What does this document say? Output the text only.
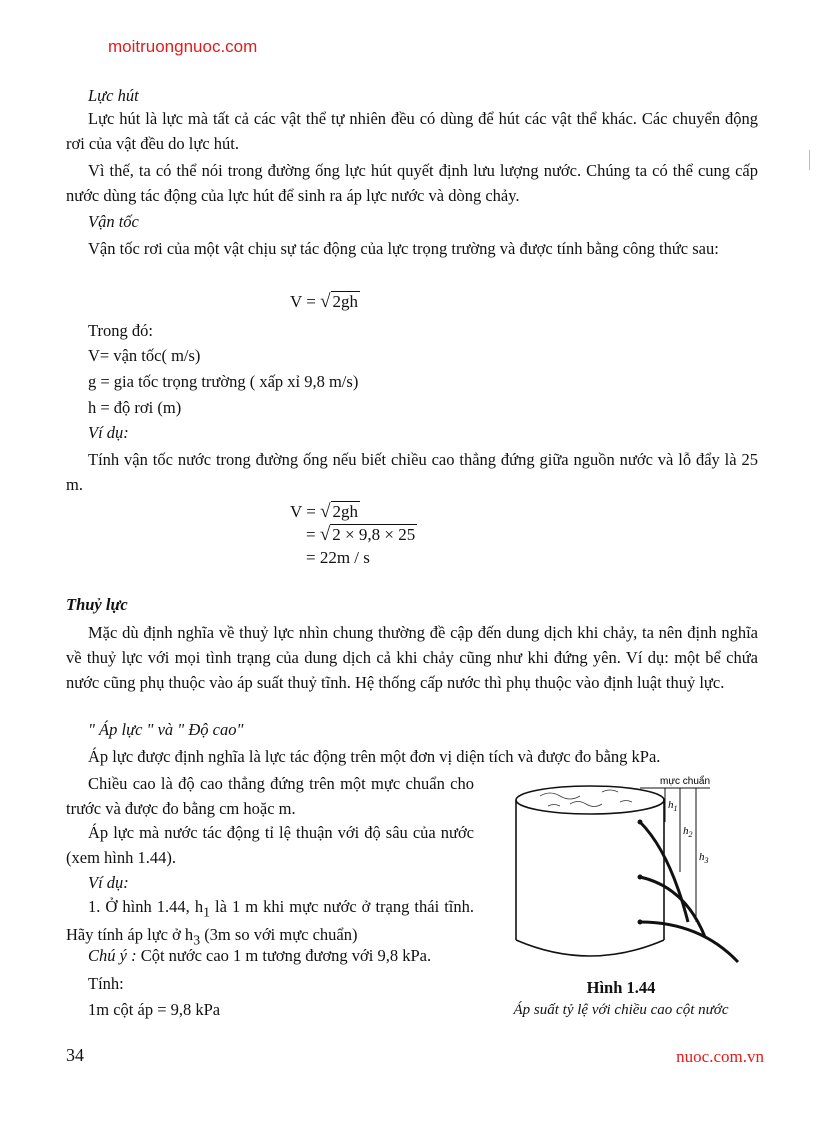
moitruongnuoc.com

Lực hút

Lực hút là lực mà tất cả các vật thể tự nhiên đều có dùng để hút các vật thể khác. Các chuyển động rơi của vật đều do lực hút.

Vì thế, ta có thể nói trong đường ống lực hút quyết định lưu lượng nước. Chúng ta có thể cung cấp nước dùng tác động của lực hút để sinh ra áp lực nước và dòng chảy.

Vận tốc

Vận tốc rơi của một vật chịu sự tác động của lực trọng trường và được tính bằng công thức sau:

V = √ 2gh

Trong đó:

V= vận tốc( m/s)

g = gia tốc trọng trường ( xấp xỉ 9,8 m/s)

h = độ rơi (m)

Ví dụ:

Tính vận tốc nước trong đường ống nếu biết chiều cao thẳng đứng giữa nguồn nước và lỗ đẩy là 25 m.

V = √ 2gh
= √ 2 × 9,8 × 25
= 22m / s

Thuỷ lực

Mặc dù định nghĩa về thuỷ lực nhìn chung thường đề cập đến dung dịch khi chảy, ta nên định nghĩa về thuỷ lực với mọi tình trạng của dung dịch cả khi chảy cũng như khi đứng yên. Ví dụ: một bể chứa nước cũng phụ thuộc vào áp suất thuỷ tĩnh. Hệ thống cấp nước thì phụ thuộc vào định luật thuỷ lực.

" Áp lực " và " Độ cao"

Áp lực được định nghĩa là lực tác động trên một đơn vị diện tích và được đo bằng kPa.

Chiều cao là độ cao thẳng đứng trên một mực chuẩn cho trước và được đo bằng cm hoặc m.

Áp lực mà nước tác động tỉ lệ thuận với độ sâu của nước (xem hình 1.44).

Ví dụ:

1. Ở hình 1.44, $h_1$ là 1 m khi mực nước ở trạng thái tĩnh. Hãy tính áp lực ở $h_3$ (3m so với mực chuẩn)

Chú ý : Cột nước cao 1 m tương đương với 9,8 kPa.

Tính:

1m cột áp = 9,8 kPa

mực chuẩn
$h_1$
$h_2$
$h_3$
Hình 1.44
Áp suất tỷ lệ với chiều cao cột nước
34	nuoc.com.vn
